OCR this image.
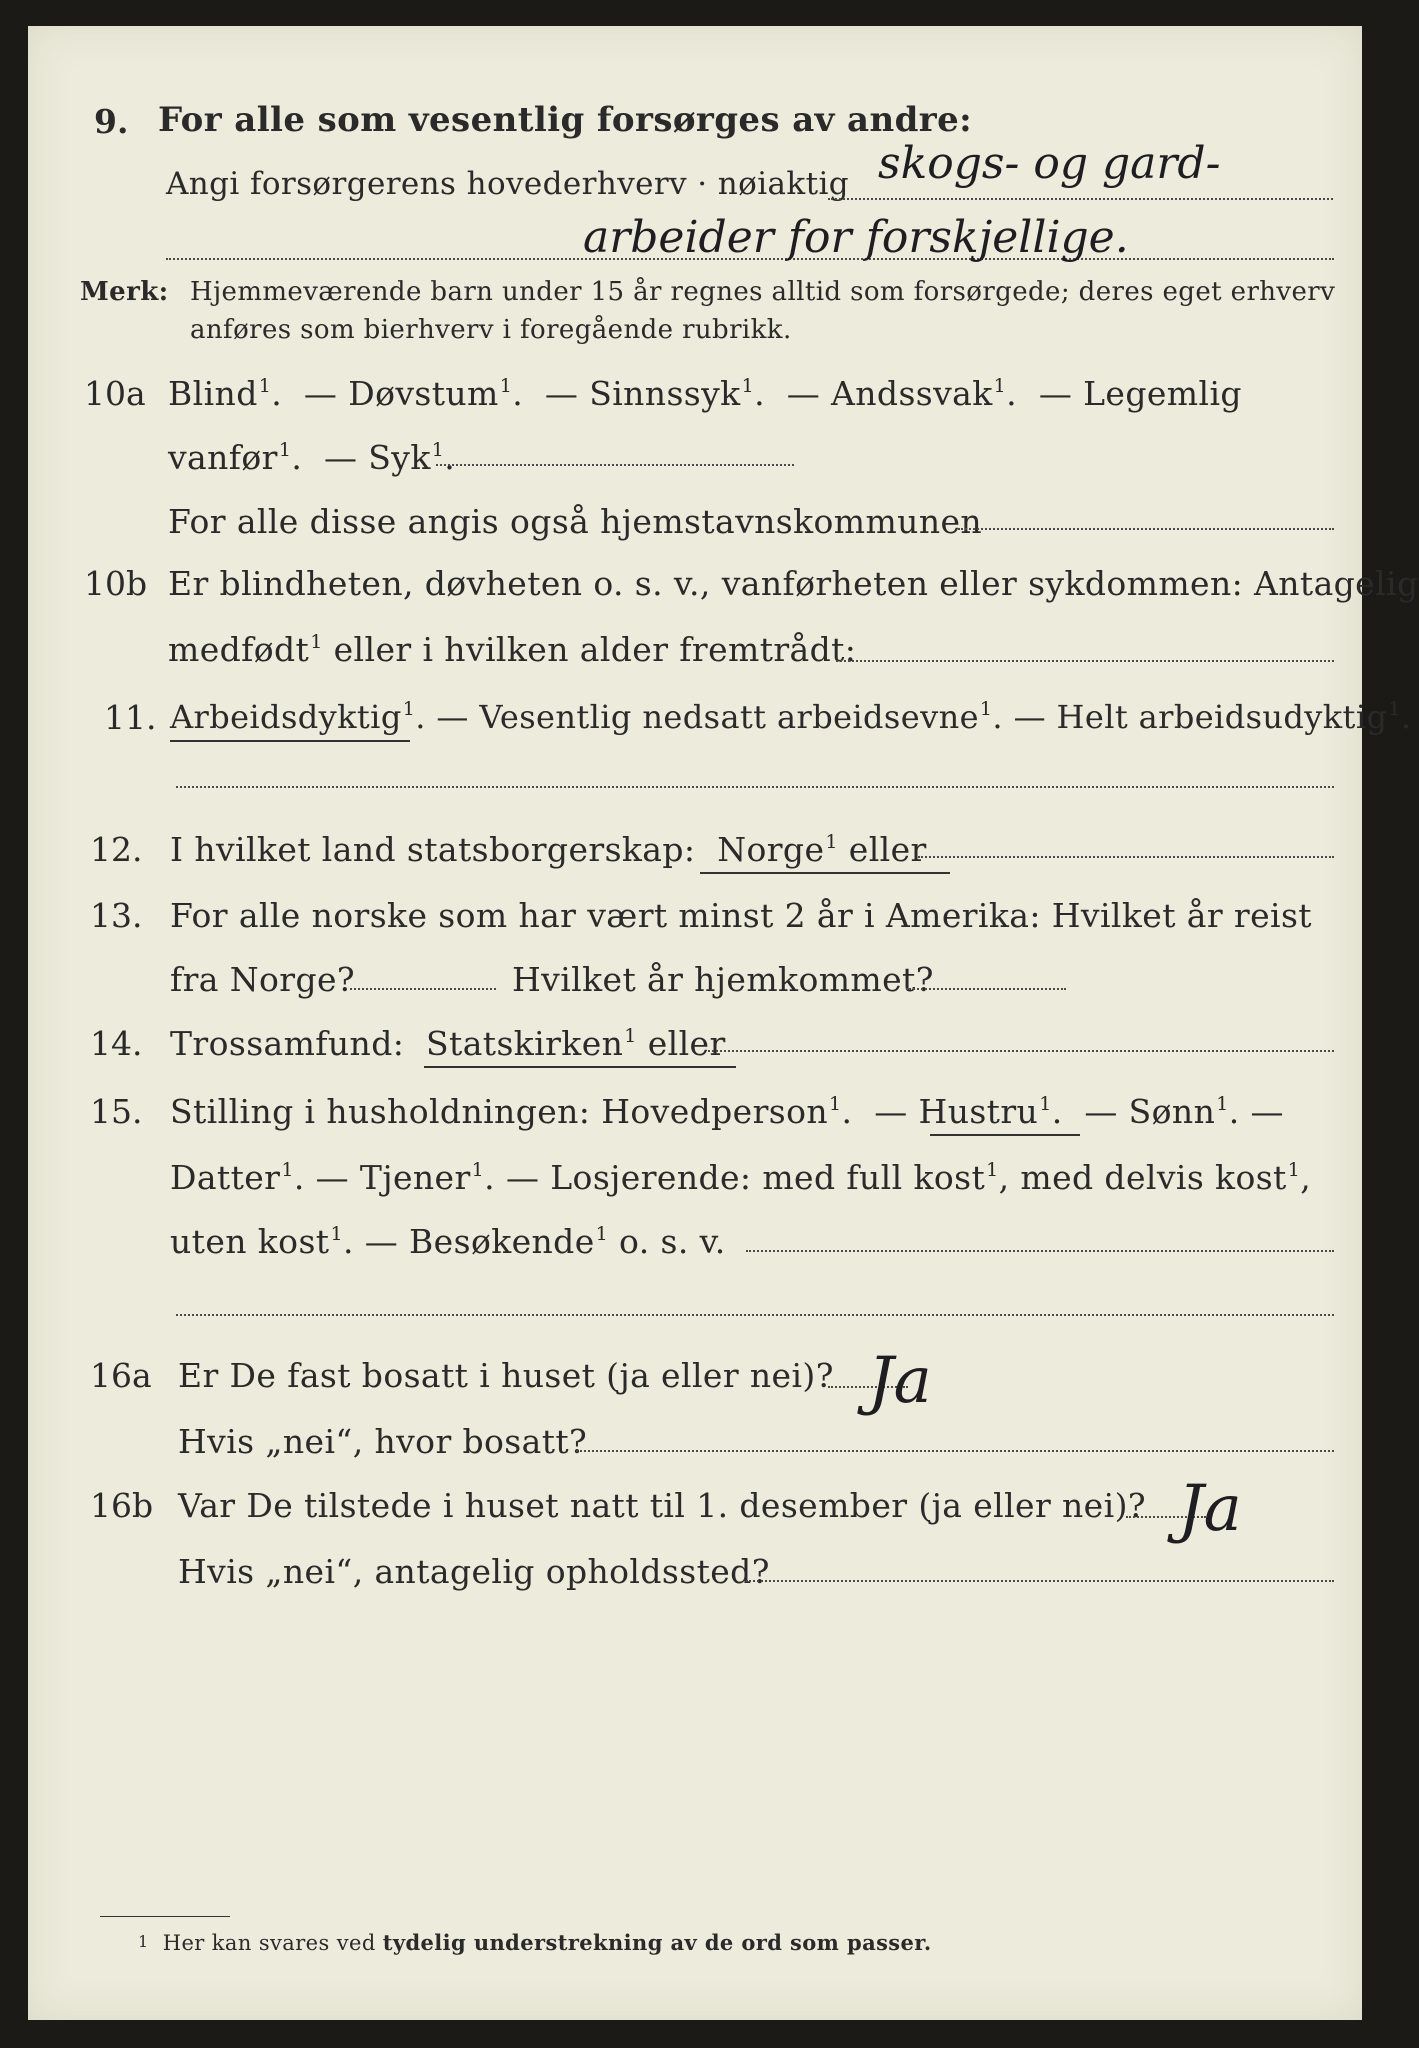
9. For alle som vesentlig forsørges av andre:
Angi forsørgerens hovederhverv · nøiaktig skogs- og gard-
arbeider for forskjellige.
Merk: Hjemmeværende barn under 15 år regnes alltid som forsørgede; deres eget erhverv
anføres som bierhverv i foregående rubrikk.
10a Blind$^1$.  — Døvstum$^1$.  — Sinnssyk$^1$.  — Andssvak$^1$.  — Legemlig
vanfør$^1$.  — Syk$^1$.
For alle disse angis også hjemstavnskommunen
10b Er blindheten, døvheten o. s. v., vanførheten eller sykdommen: Antagelig
medfødt$^1$ eller i hvilken alder fremtrådt:
11. Arbeidsdyktig$^1$. — Vesentlig nedsatt arbeidsevne$^1$. — Helt arbeidsudyktig$^1$.
12. I hvilket land statsborgerskap: Norge$^1$ eller
13. For alle norske som har vært minst 2 år i Amerika: Hvilket år reist
fra Norge?	Hvilket år hjemkommet?
14. Trossamfund: Statskirken$^1$ eller
15. Stilling i husholdningen: Hovedperson$^1$.  — Hustru$^1$.  — Sønn$^1$. —
Datter$^1$. — Tjener$^1$. — Losjerende: med full kost$^1$, med delvis kost$^1$,
uten kost$^1$. — Besøkende$^1$ o. s. v.
16a Er De fast bosatt i huset (ja eller nei)? Ja
Hvis „nei“, hvor bosatt?
16b Var De tilstede i huset natt til 1. desember (ja eller nei)? Ja
Hvis „nei“, antagelig opholdssted?
1 Her kan svares ved tydelig understrekning av de ord som passer.
